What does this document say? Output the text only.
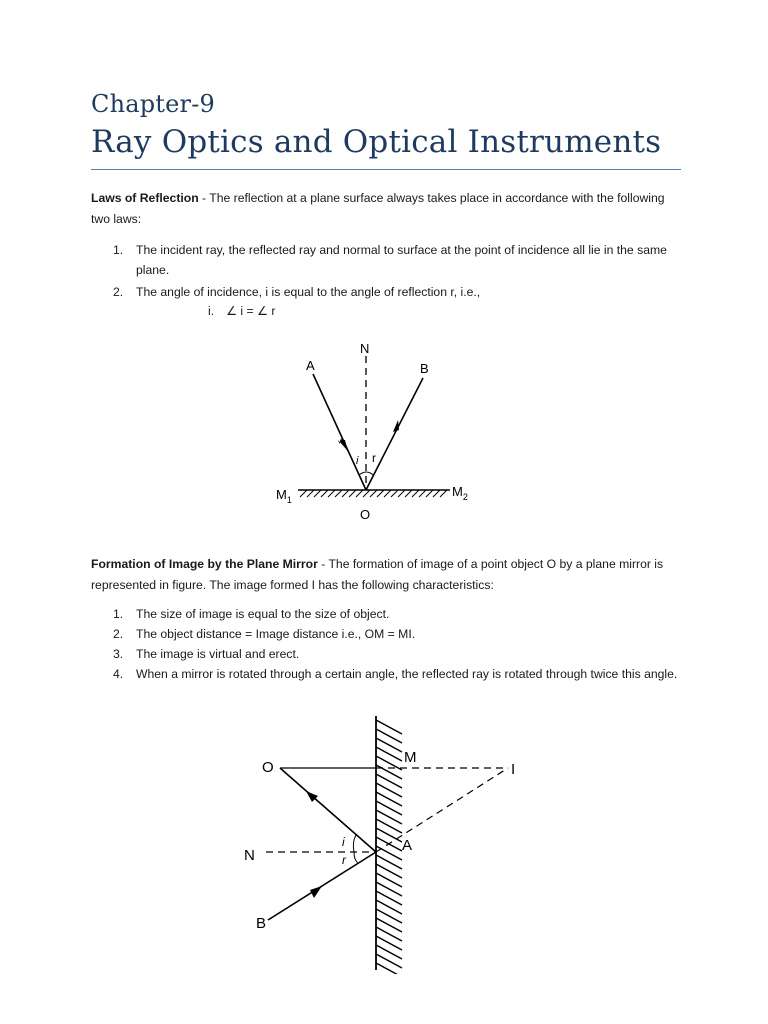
Chapter-9
Ray Optics and Optical Instruments

Laws of Reflection - The reflection at a plane surface always takes place in accordance with the following two laws:

1. The incident ray, the reflected ray and normal to surface at the point of incidence all lie in the same plane.
2. The angle of incidence, i is equal to the angle of reflection r, i.e.,
i. ∠ i = ∠ r
N
A	B
i r
$M_1$
$M_2$
O

Formation of Image by the Plane Mirror - The formation of image of a point object O by a plane mirror is represented in figure. The image formed I has the following characteristics:

1. The size of image is equal to the size of object.
2. The object distance = Image distance i.e., OM = MI.
3. The image is virtual and erect.
4. When a mirror is rotated through a certain angle, the reflected ray is rotated through twice this angle.
O
M
I
N
A
B
i
r
